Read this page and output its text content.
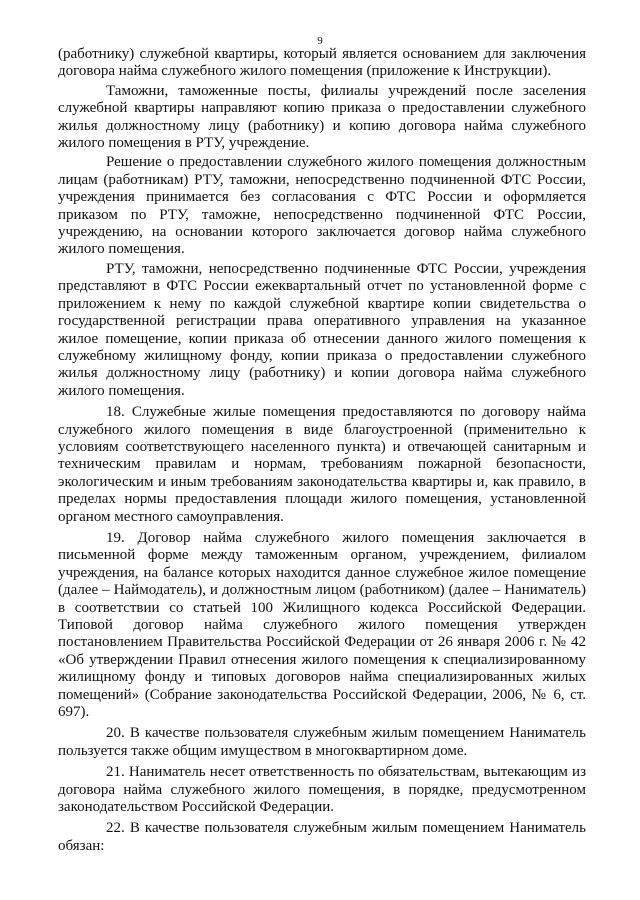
9

(работнику) служебной квартиры, который является основанием для заключения договора найма служебного жилого помещения (приложение к Инструкции).

Таможни, таможенные посты, филиалы учреждений после заселения служебной квартиры направляют копию приказа о предоставлении служебного жилья должностному лицу (работнику) и копию договора найма служебного жилого помещения в РТУ, учреждение.

Решение о предоставлении служебного жилого помещения должностным лицам (работникам) РТУ, таможни, непосредственно подчиненной ФТС России, учреждения принимается без согласования с ФТС России и оформляется приказом по РТУ, таможне, непосредственно подчиненной ФТС России, учреждению, на основании которого заключается договор найма служебного жилого помещения.

РТУ, таможни, непосредственно подчиненные ФТС России, учреждения представляют в ФТС России ежеквартальный отчет по установленной форме с приложением к нему по каждой служебной квартире копии свидетельства о государственной регистрации права оперативного управления на указанное жилое помещение, копии приказа об отнесении данного жилого помещения к служебному жилищному фонду, копии приказа о предоставлении служебного жилья должностному лицу (работнику) и копии договора найма служебного жилого помещения.

18. Служебные жилые помещения предоставляются по договору найма служебного жилого помещения в виде благоустроенной (применительно к условиям соответствующего населенного пункта) и отвечающей санитарным и техническим правилам и нормам, требованиям пожарной безопасности, экологическим и иным требованиям законодательства квартиры и, как правило, в пределах нормы предоставления площади жилого помещения, установленной органом местного самоуправления.

19. Договор найма служебного жилого помещения заключается в письменной форме между таможенным органом, учреждением, филиалом учреждения, на балансе которых находится данное служебное жилое помещение (далее – Наймодатель), и должностным лицом (работником) (далее – Наниматель) в соответствии со статьей 100 Жилищного кодекса Российской Федерации. Типовой договор найма служебного жилого помещения утвержден постановлением Правительства Российской Федерации от 26 января 2006 г. № 42 «Об утверждении Правил отнесения жилого помещения к специализированному жилищному фонду и типовых договоров найма специализированных жилых помещений» (Собрание законодательства Российской Федерации, 2006, № 6, ст. 697).

20. В качестве пользователя служебным жилым помещением Наниматель пользуется также общим имуществом в многоквартирном доме.

21. Наниматель несет ответственность по обязательствам, вытекающим из договора найма служебного жилого помещения, в порядке, предусмотренном законодательством Российской Федерации.

22. В качестве пользователя служебным жилым помещением Наниматель обязан:
